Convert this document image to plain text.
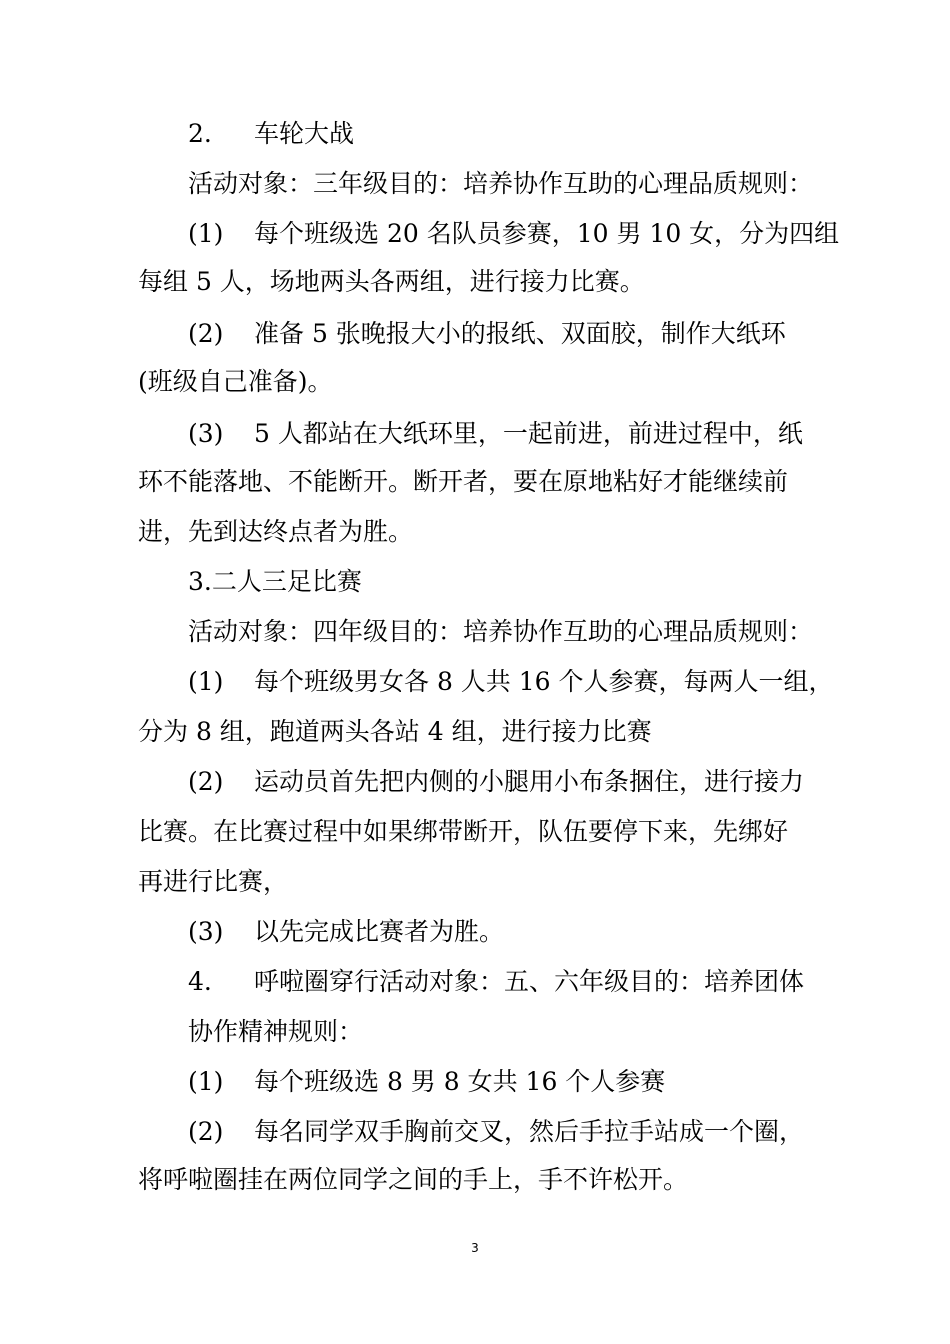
2. 车轮大战
活动对象：三年级目的：培养协作互助的心理品质规则：
(1) 每个班级选 20 名队员参赛，10 男 10 女，分为四组
每组 5 人，场地两头各两组，进行接力比赛。
(2) 准备 5 张晚报大小的报纸、双面胶，制作大纸环
(班级自己准备)。
(3) 5 人都站在大纸环里，一起前进，前进过程中，纸
环不能落地、不能断开。断开者，要在原地粘好才能继续前
进，先到达终点者为胜。
3.二人三足比赛
活动对象：四年级目的：培养协作互助的心理品质规则：
(1) 每个班级男女各 8 人共 16 个人参赛，每两人一组，
分为 8 组，跑道两头各站 4 组，进行接力比赛
(2) 运动员首先把内侧的小腿用小布条捆住，进行接力
比赛。在比赛过程中如果绑带断开，队伍要停下来，先绑好
再进行比赛，
(3) 以先完成比赛者为胜。
4. 呼啦圈穿行活动对象：五、六年级目的：培养团体
协作精神规则：
(1) 每个班级选 8 男 8 女共 16 个人参赛
(2) 每名同学双手胸前交叉，然后手拉手站成一个圈，
将呼啦圈挂在两位同学之间的手上，手不许松开。
3
